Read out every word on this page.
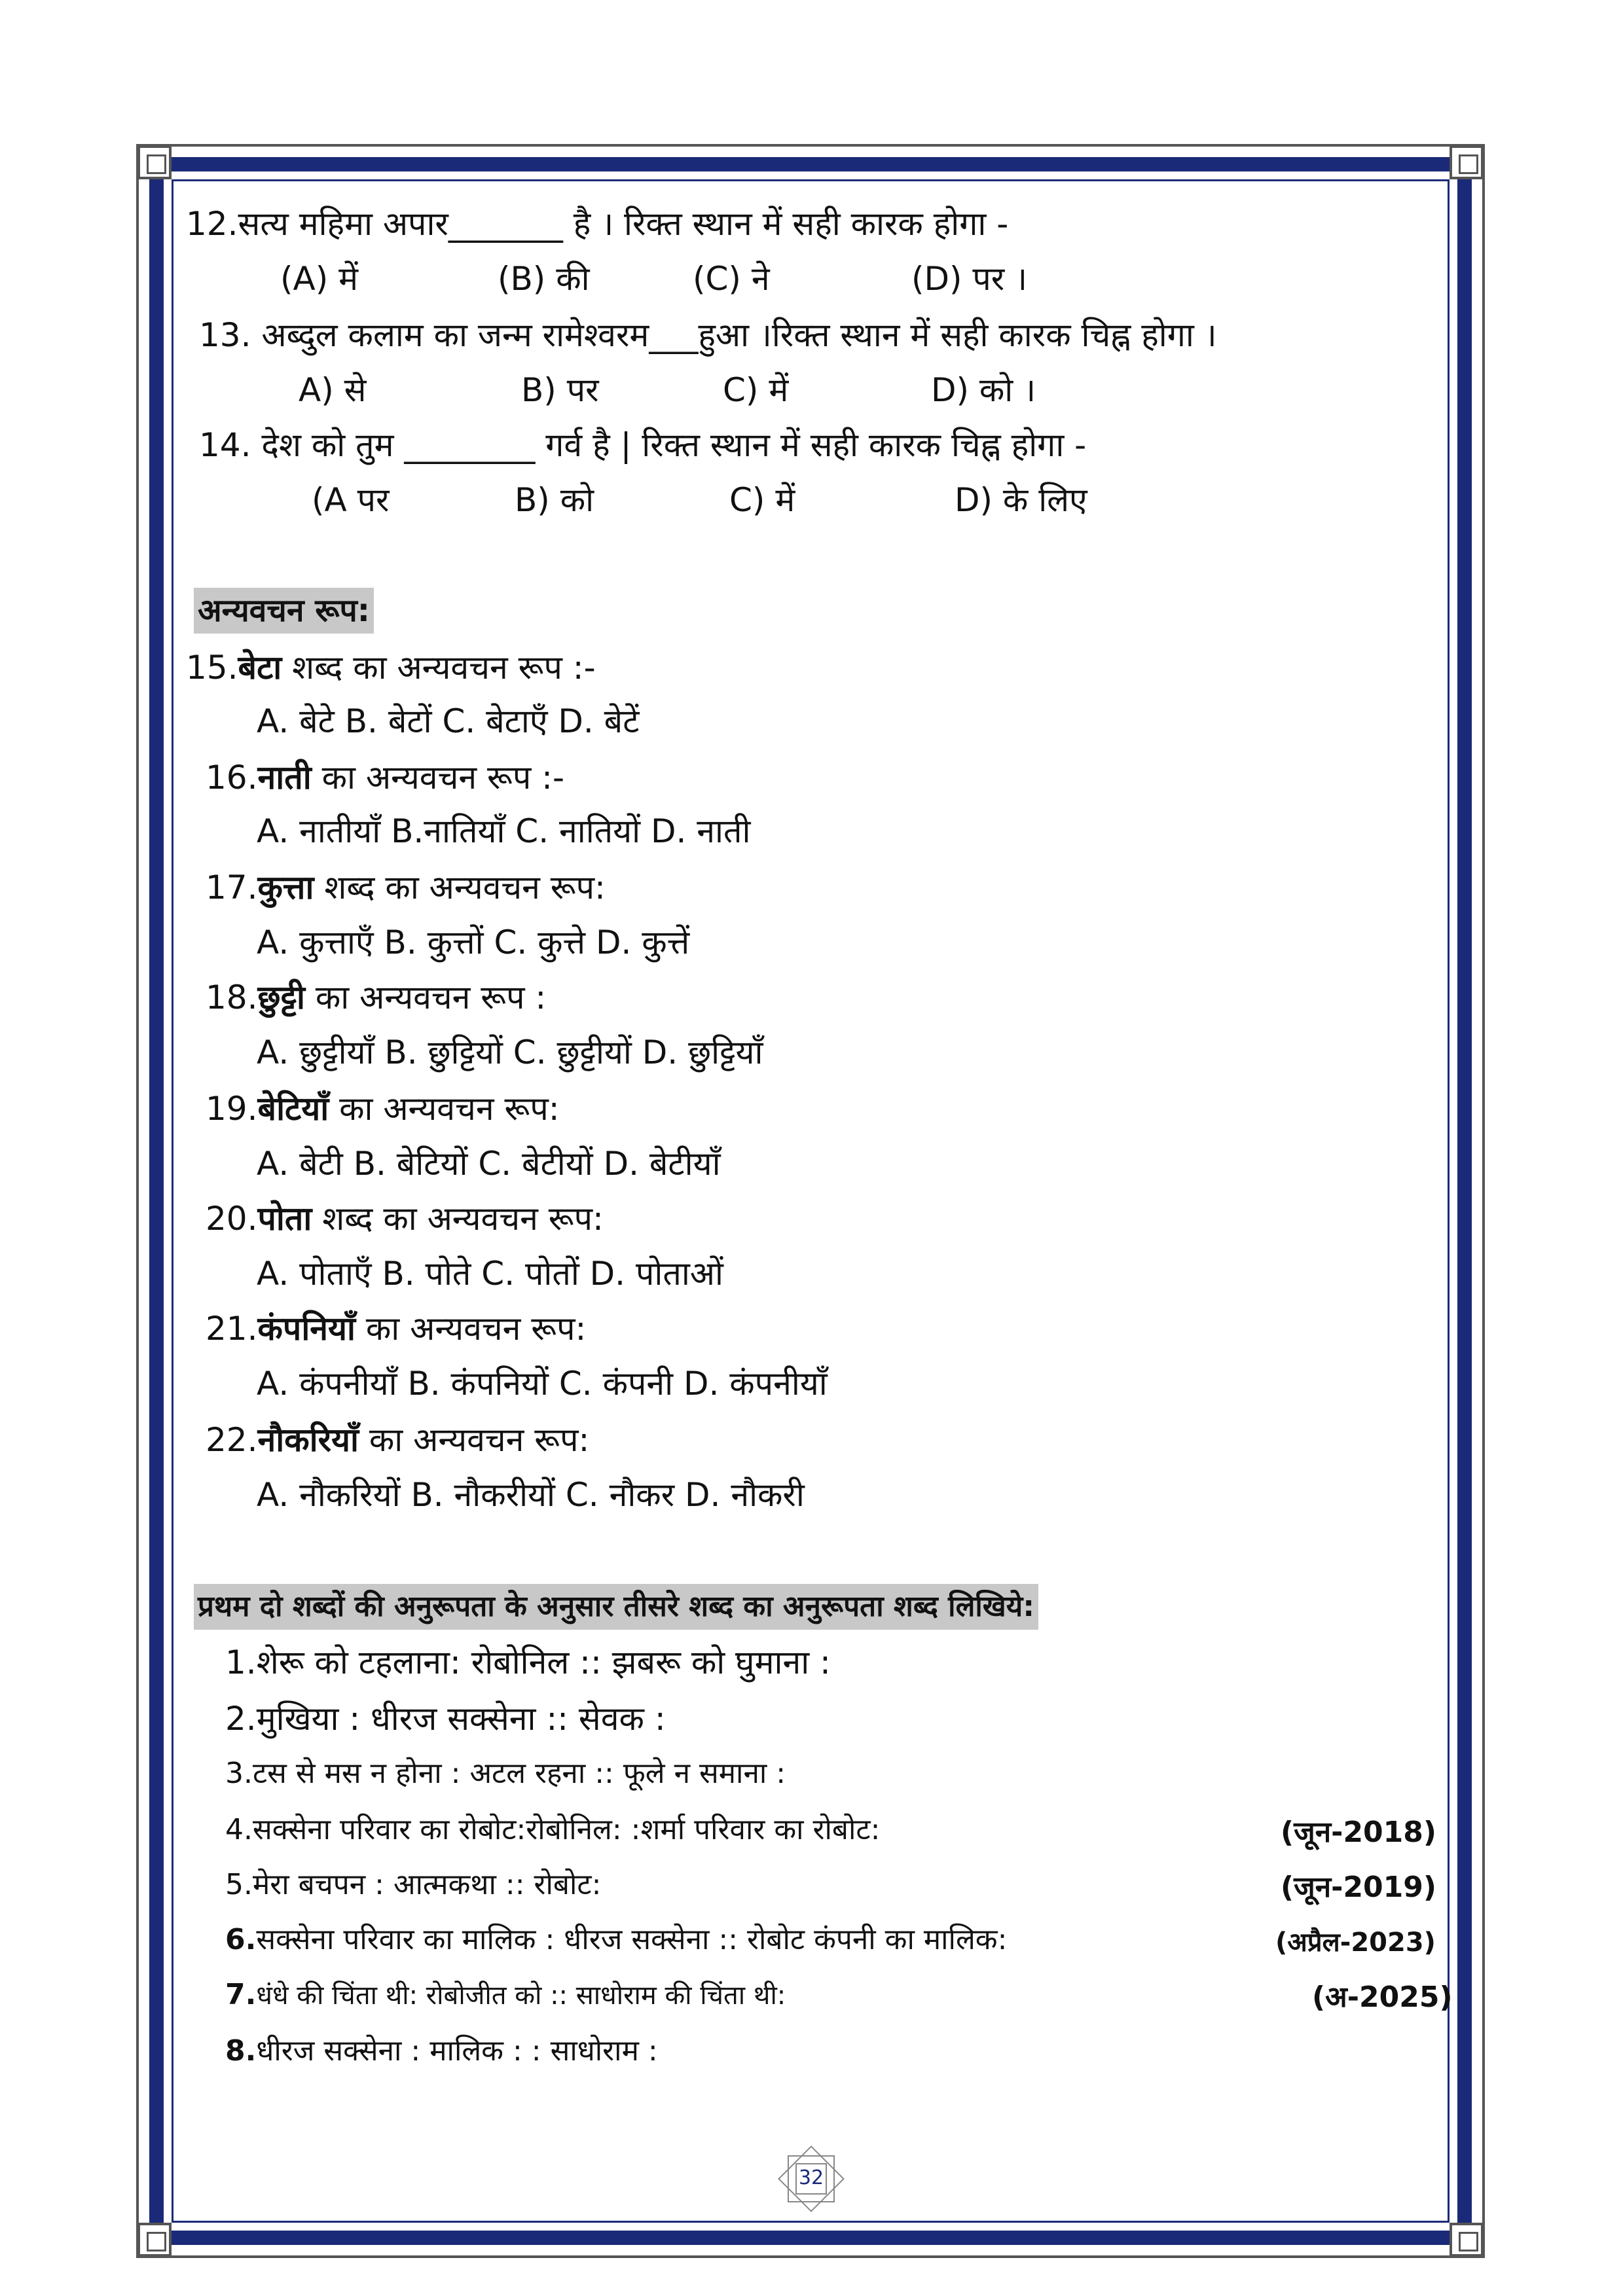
12.सत्य महिमा अपार_______ है । रिक्त स्थान में सही कारक होगा -
(A) में	(B) की	(C) ने	(D) पर ।
13. अब्दुल कलाम का जन्म रामेश्वरम___हुआ ।रिक्त स्थान में सही कारक चिह्न होगा ।
A) से	B) पर	C) में	D) को ।
14. देश को तुम ________ गर्व है | रिक्त स्थान में सही कारक चिह्न होगा -
(A पर	B) को	C) में	D) के लिए
अन्यवचन रूप:
15.बेटा शब्द का अन्यवचन रूप :-
A. बेटे B. बेटों C. बेटाएँ D. बेटें
16.नाती का अन्यवचन रूप :-
A. नातीयाँ B.नातियाँ C. नातियों D. नाती
17.कुत्ता शब्द का अन्यवचन रूप:
A. कुत्ताएँ B. कुत्तों C. कुत्ते D. कुत्तें
18.छुट्टी का अन्यवचन रूप :
A. छुट्टीयाँ B. छुट्टियों C. छुट्टीयों D. छुट्टियाँ
19.बेटियाँ का अन्यवचन रूप:
A. बेटी B. बेटियों C. बेटीयों D. बेटीयाँ
20.पोता शब्द का अन्यवचन रूप:
A. पोताएँ B. पोते C. पोतों D. पोताओं
21.कंपनियाँ का अन्यवचन रूप:
A. कंपनीयाँ B. कंपनियों C. कंपनी D. कंपनीयाँ
22.नौकरियाँ का अन्यवचन रूप:
A. नौकरियों B. नौकरीयों C. नौकर D. नौकरी
प्रथम दो शब्दों की अनुरूपता के अनुसार तीसरे शब्द का अनुरूपता शब्द लिखिये:
1.शेरू को टहलाना: रोबोनिल :: झबरू को घुमाना :
2.मुखिया : धीरज सक्सेना :: सेवक :
3.टस से मस न होना : अटल रहना :: फूले न समाना :
4.सक्सेना परिवार का रोबोट:रोबोनिल: :शर्मा परिवार का रोबोट:	(जून-2018)
5.मेरा बचपन : आत्मकथा :: रोबोट:	(जून-2019)
6.सक्सेना परिवार का मालिक : धीरज सक्सेना :: रोबोट कंपनी का मालिक:	(अप्रैल-2023)
7.धंधे की चिंता थी: रोबोजीत को :: साधोराम की चिंता थी:	(अ-2025)
8.धीरज सक्सेना : मालिक : : साधोराम :
32
